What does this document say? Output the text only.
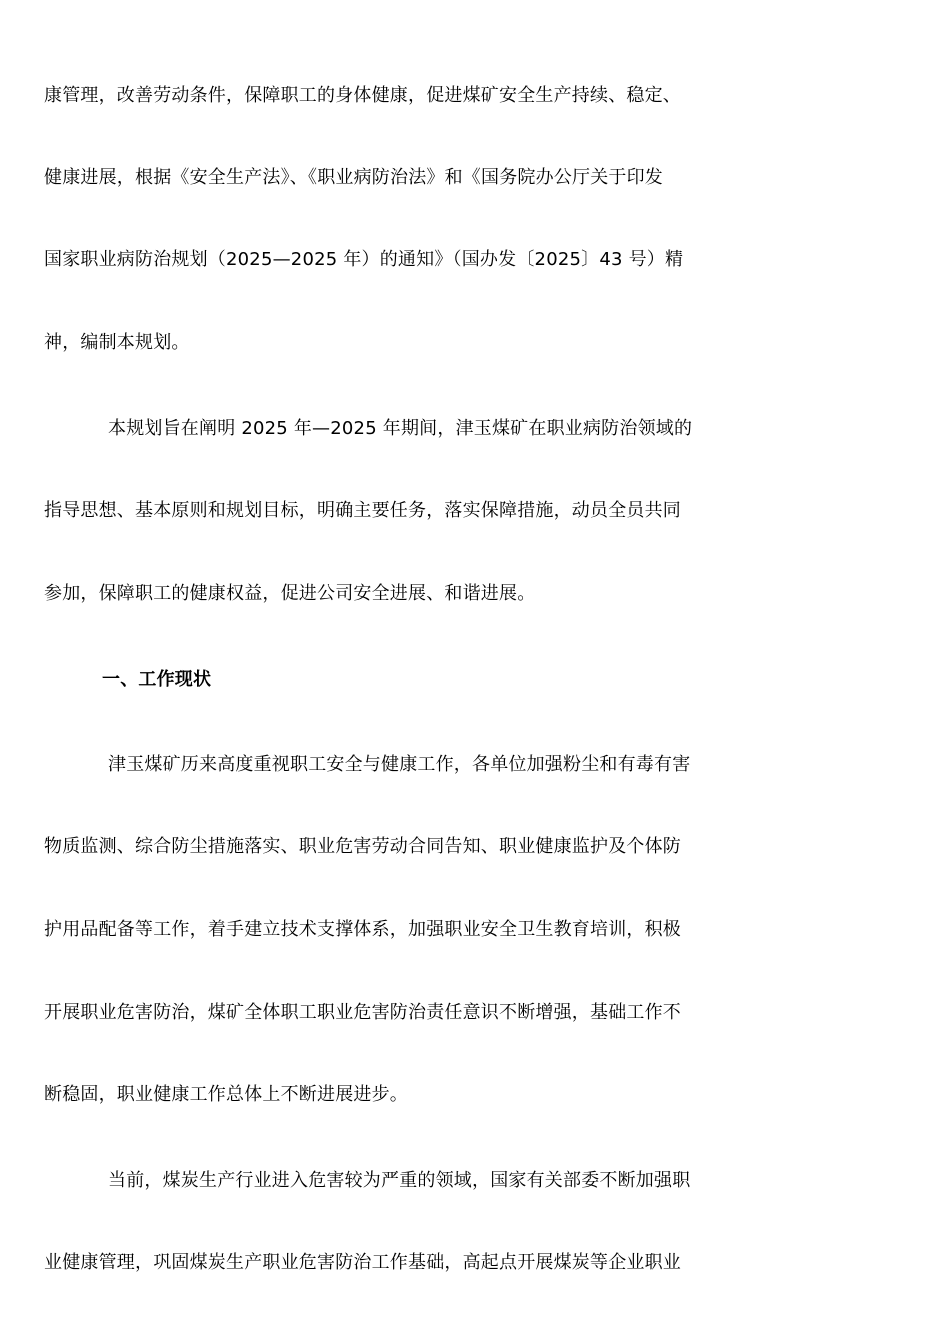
康管理，改善劳动条件，保障职工的身体健康，促进煤矿安全生产持续、稳定、
健康进展，根据《安全生产法》、《职业病防治法》和《国务院办公厅关于印发
国家职业病防治规划（2025—2025 年）的通知》（国办发〔2025〕43 号）精
神，编制本规划。
本规划旨在阐明 2025 年—2025 年期间，津玉煤矿在职业病防治领域的
指导思想、基本原则和规划目标，明确主要任务，落实保障措施，动员全员共同
参加，保障职工的健康权益，促进公司安全进展、和谐进展。
一、工作现状
津玉煤矿历来高度重视职工安全与健康工作，各单位加强粉尘和有毒有害
物质监测、综合防尘措施落实、职业危害劳动合同告知、职业健康监护及个体防
护用品配备等工作，着手建立技术支撑体系，加强职业安全卫生教育培训，积极
开展职业危害防治，煤矿全体职工职业危害防治责任意识不断增强，基础工作不
断稳固，职业健康工作总体上不断进展进步。
当前，煤炭生产行业进入危害较为严重的领域，国家有关部委不断加强职
业健康管理，巩固煤炭生产职业危害防治工作基础，高起点开展煤炭等企业职业
